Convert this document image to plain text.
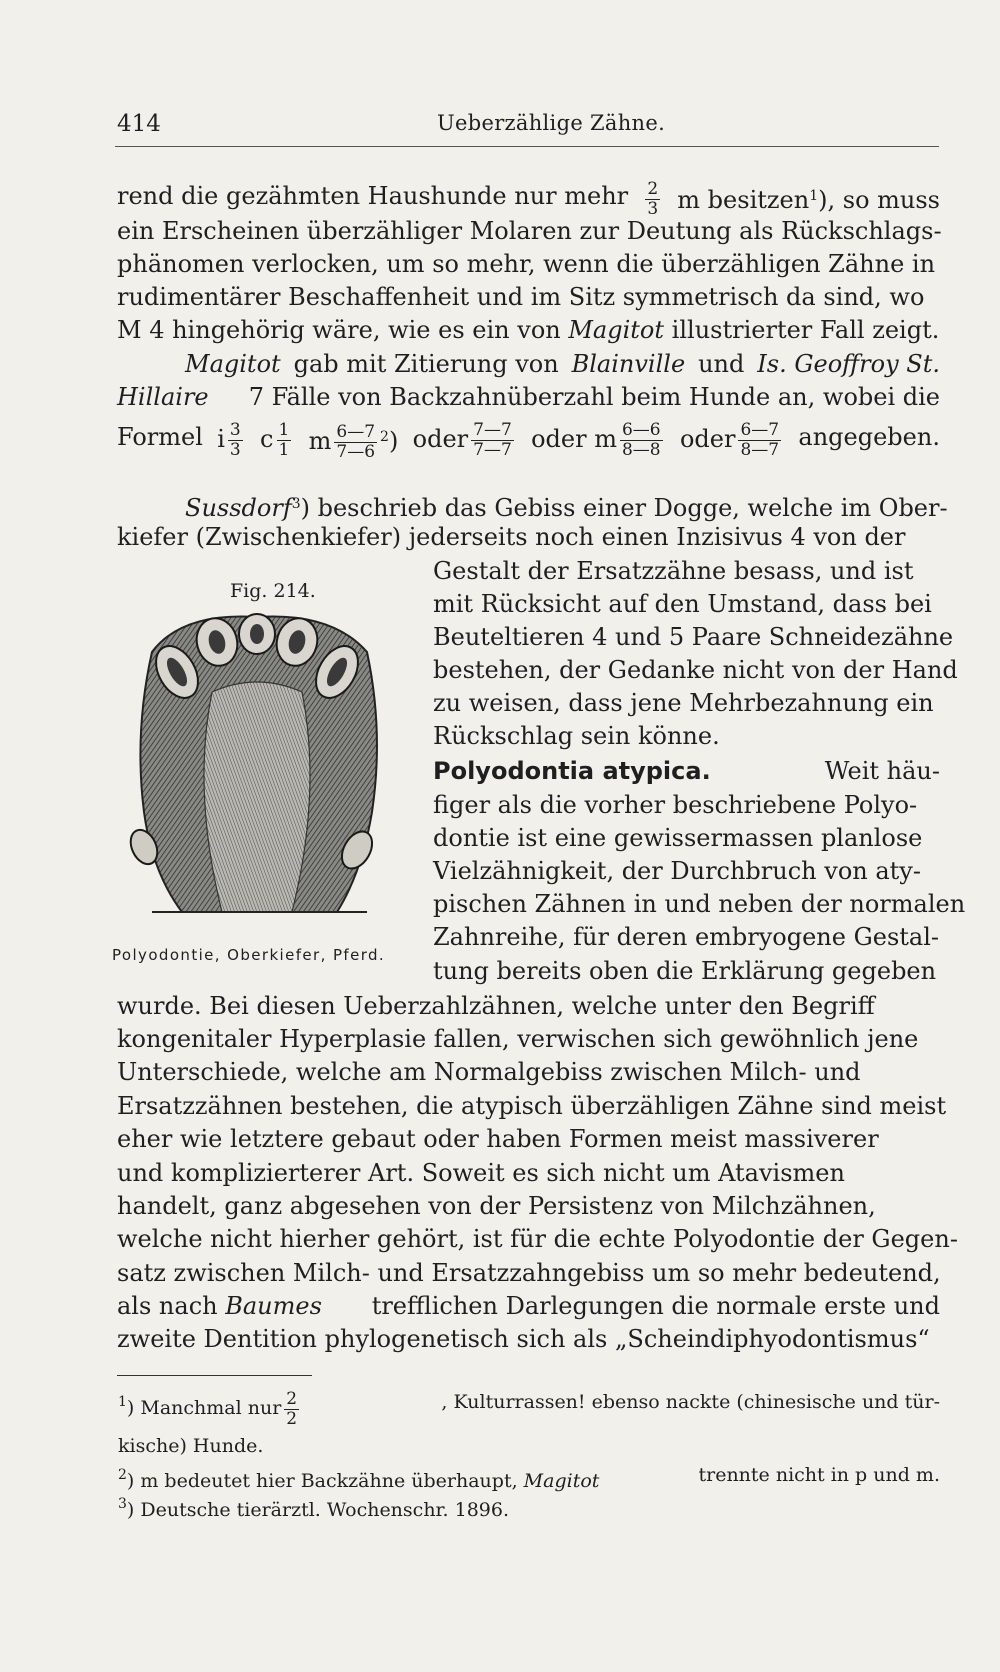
414	Ueberzählige Zähne.
rend die gezähmten Haushunde nur mehr $\frac{2}{3}$ m besitzen$^1$), so muss
ein Erscheinen überzähliger Molaren zur Deutung als Rückschlags-
phänomen verlocken, um so mehr, wenn die überzähligen Zähne in
rudimentärer Beschaffenheit und im Sitz symmetrisch da sind, wo
M 4 hingehörig wäre, wie es ein von
Magitot
illustrierter Fall zeigt.
Magitot gab mit Zitierung von Blainville und Is. Geoffroy St.
Hillaire 7 Fälle von Backzahnüberzahl beim Hunde an, wobei die
Formel i $\frac{3}{3}$ c $\frac{1}{1}$ m $\frac{6—7}{7—6} ^2$) oder $\frac{7—7}{7—7}$ oder m $\frac{6—6}{8—8}$ oder $\frac{6—7}{8—7}$ angegeben.
Sussdorf$^3$) beschrieb das Gebiss einer Dogge, welche im Ober-
kiefer (Zwischenkiefer) jederseits noch einen Inzisivus 4 von der
Gestalt der Ersatzzähne besass, und ist
mit Rücksicht auf den Umstand, dass bei
Beuteltieren 4 und 5 Paare Schneidezähne
bestehen, der Gedanke nicht von der Hand
zu weisen, dass jene Mehrbezahnung ein
Rückschlag sein könne.
Fig. 214.
Polyodontie, Oberkiefer, Pferd.
Polyodontia atypica.	Weit häu-
figer als die vorher beschriebene Polyo-
dontie ist eine gewissermassen planlose
Vielzähnigkeit, der Durchbruch von aty-
pischen Zähnen in und neben der normalen
Zahnreihe, für deren embryogene Gestal-
tung bereits oben die Erklärung gegeben
wurde. Bei diesen Ueberzahlzähnen, welche unter den Begriff
kongenitaler Hyperplasie fallen, verwischen sich gewöhnlich jene
Unterschiede, welche am Normalgebiss zwischen Milch- und
Ersatzzähnen bestehen, die atypisch überzähligen Zähne sind meist
eher wie letztere gebaut oder haben Formen meist massiverer
und komplizierterer Art. Soweit es sich nicht um Atavismen
handelt, ganz abgesehen von der Persistenz von Milchzähnen,
welche nicht hierher gehört, ist für die echte Polyodontie der Gegen-
satz zwischen Milch- und Ersatzzahngebiss um so mehr bedeutend,
als nach Baumes trefflichen Darlegungen die normale erste und
zweite Dentition phylogenetisch sich als „Scheindiphyodontismus“
$^1$) Manchmal nur $\frac{2}{2}$	, Kulturrassen! ebenso nackte (chinesische und tür-
kische) Hunde.
$^2$) m bedeutet hier Backzähne überhaupt, Magitot	trennte nicht in p und m.
$^3$) Deutsche tierärztl. Wochenschr. 1896.
